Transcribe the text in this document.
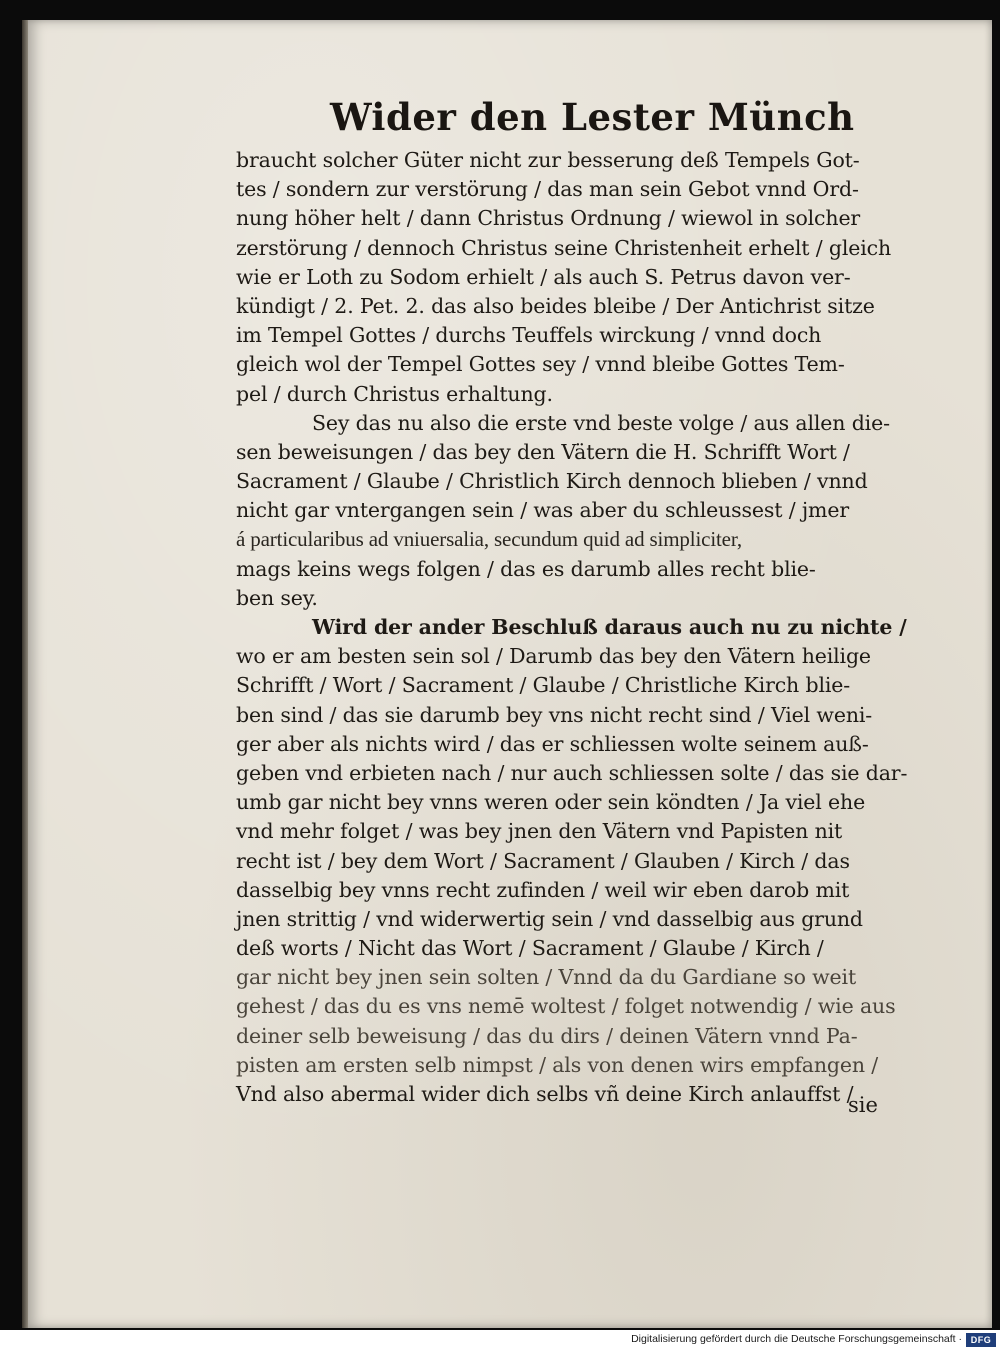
Wider den Lester Münch
braucht solcher Güter nicht zur besserung deß Tempels Got-
tes / sondern zur verstörung / das man sein Gebot vnnd Ord-
nung höher helt / dann Christus Ordnung / wiewol in solcher
zerstörung / dennoch Christus seine Christenheit erhelt / gleich
wie er Loth zu Sodom erhielt / als auch S. Petrus davon ver-
kündigt / 2. Pet. 2. das also beides bleibe / Der Antichrist sitze
im Tempel Gottes / durchs Teuffels wirckung / vnnd doch
gleich wol der Tempel Gottes sey / vnnd bleibe Gottes Tem-
pel / durch Christus erhaltung.
Sey das nu also die erste vnd beste volge / aus allen die-
sen beweisungen / das bey den Vätern die H. Schrifft Wort /
Sacrament / Glaube / Christlich Kirch dennoch blieben / vnnd
nicht gar vntergangen sein / was aber du schleussest / jmer
á particularibus ad vniuersalia, secundum quid ad simpliciter,
mags keins wegs folgen / das es darumb alles recht blie-
ben sey.
Wird der ander Beschluß daraus auch nu zu nichte /
wo er am besten sein sol / Darumb das bey den Vätern heilige
Schrifft / Wort / Sacrament / Glaube / Christliche Kirch blie-
ben sind / das sie darumb bey vns nicht recht sind / Viel weni-
ger aber als nichts wird / das er schliessen wolte seinem auß-
geben vnd erbieten nach / nur auch schliessen solte / das sie dar-
umb gar nicht bey vnns weren oder sein köndten / Ja viel ehe
vnd mehr folget / was bey jnen den Vätern vnd Papisten nit
recht ist / bey dem Wort / Sacrament / Glauben / Kirch / das
dasselbig bey vnns recht zufinden / weil wir eben darob mit
jnen strittig / vnd widerwertig sein / vnd dasselbig aus grund
deß worts / Nicht das Wort / Sacrament / Glaube / Kirch /
gar nicht bey jnen sein solten / Vnnd da du Gardiane so weit
gehest / das du es vns nemē woltest / folget notwendig / wie aus
deiner selb beweisung / das du dirs / deinen Vätern vnnd Pa-
pisten am ersten selb nimpst / als von denen wirs empfangen /
Vnd also abermal wider dich selbs vñ deine Kirch anlauffst /
sie
Digitalisierung gefördert durch die Deutsche Forschungsgemeinschaft · DFG
